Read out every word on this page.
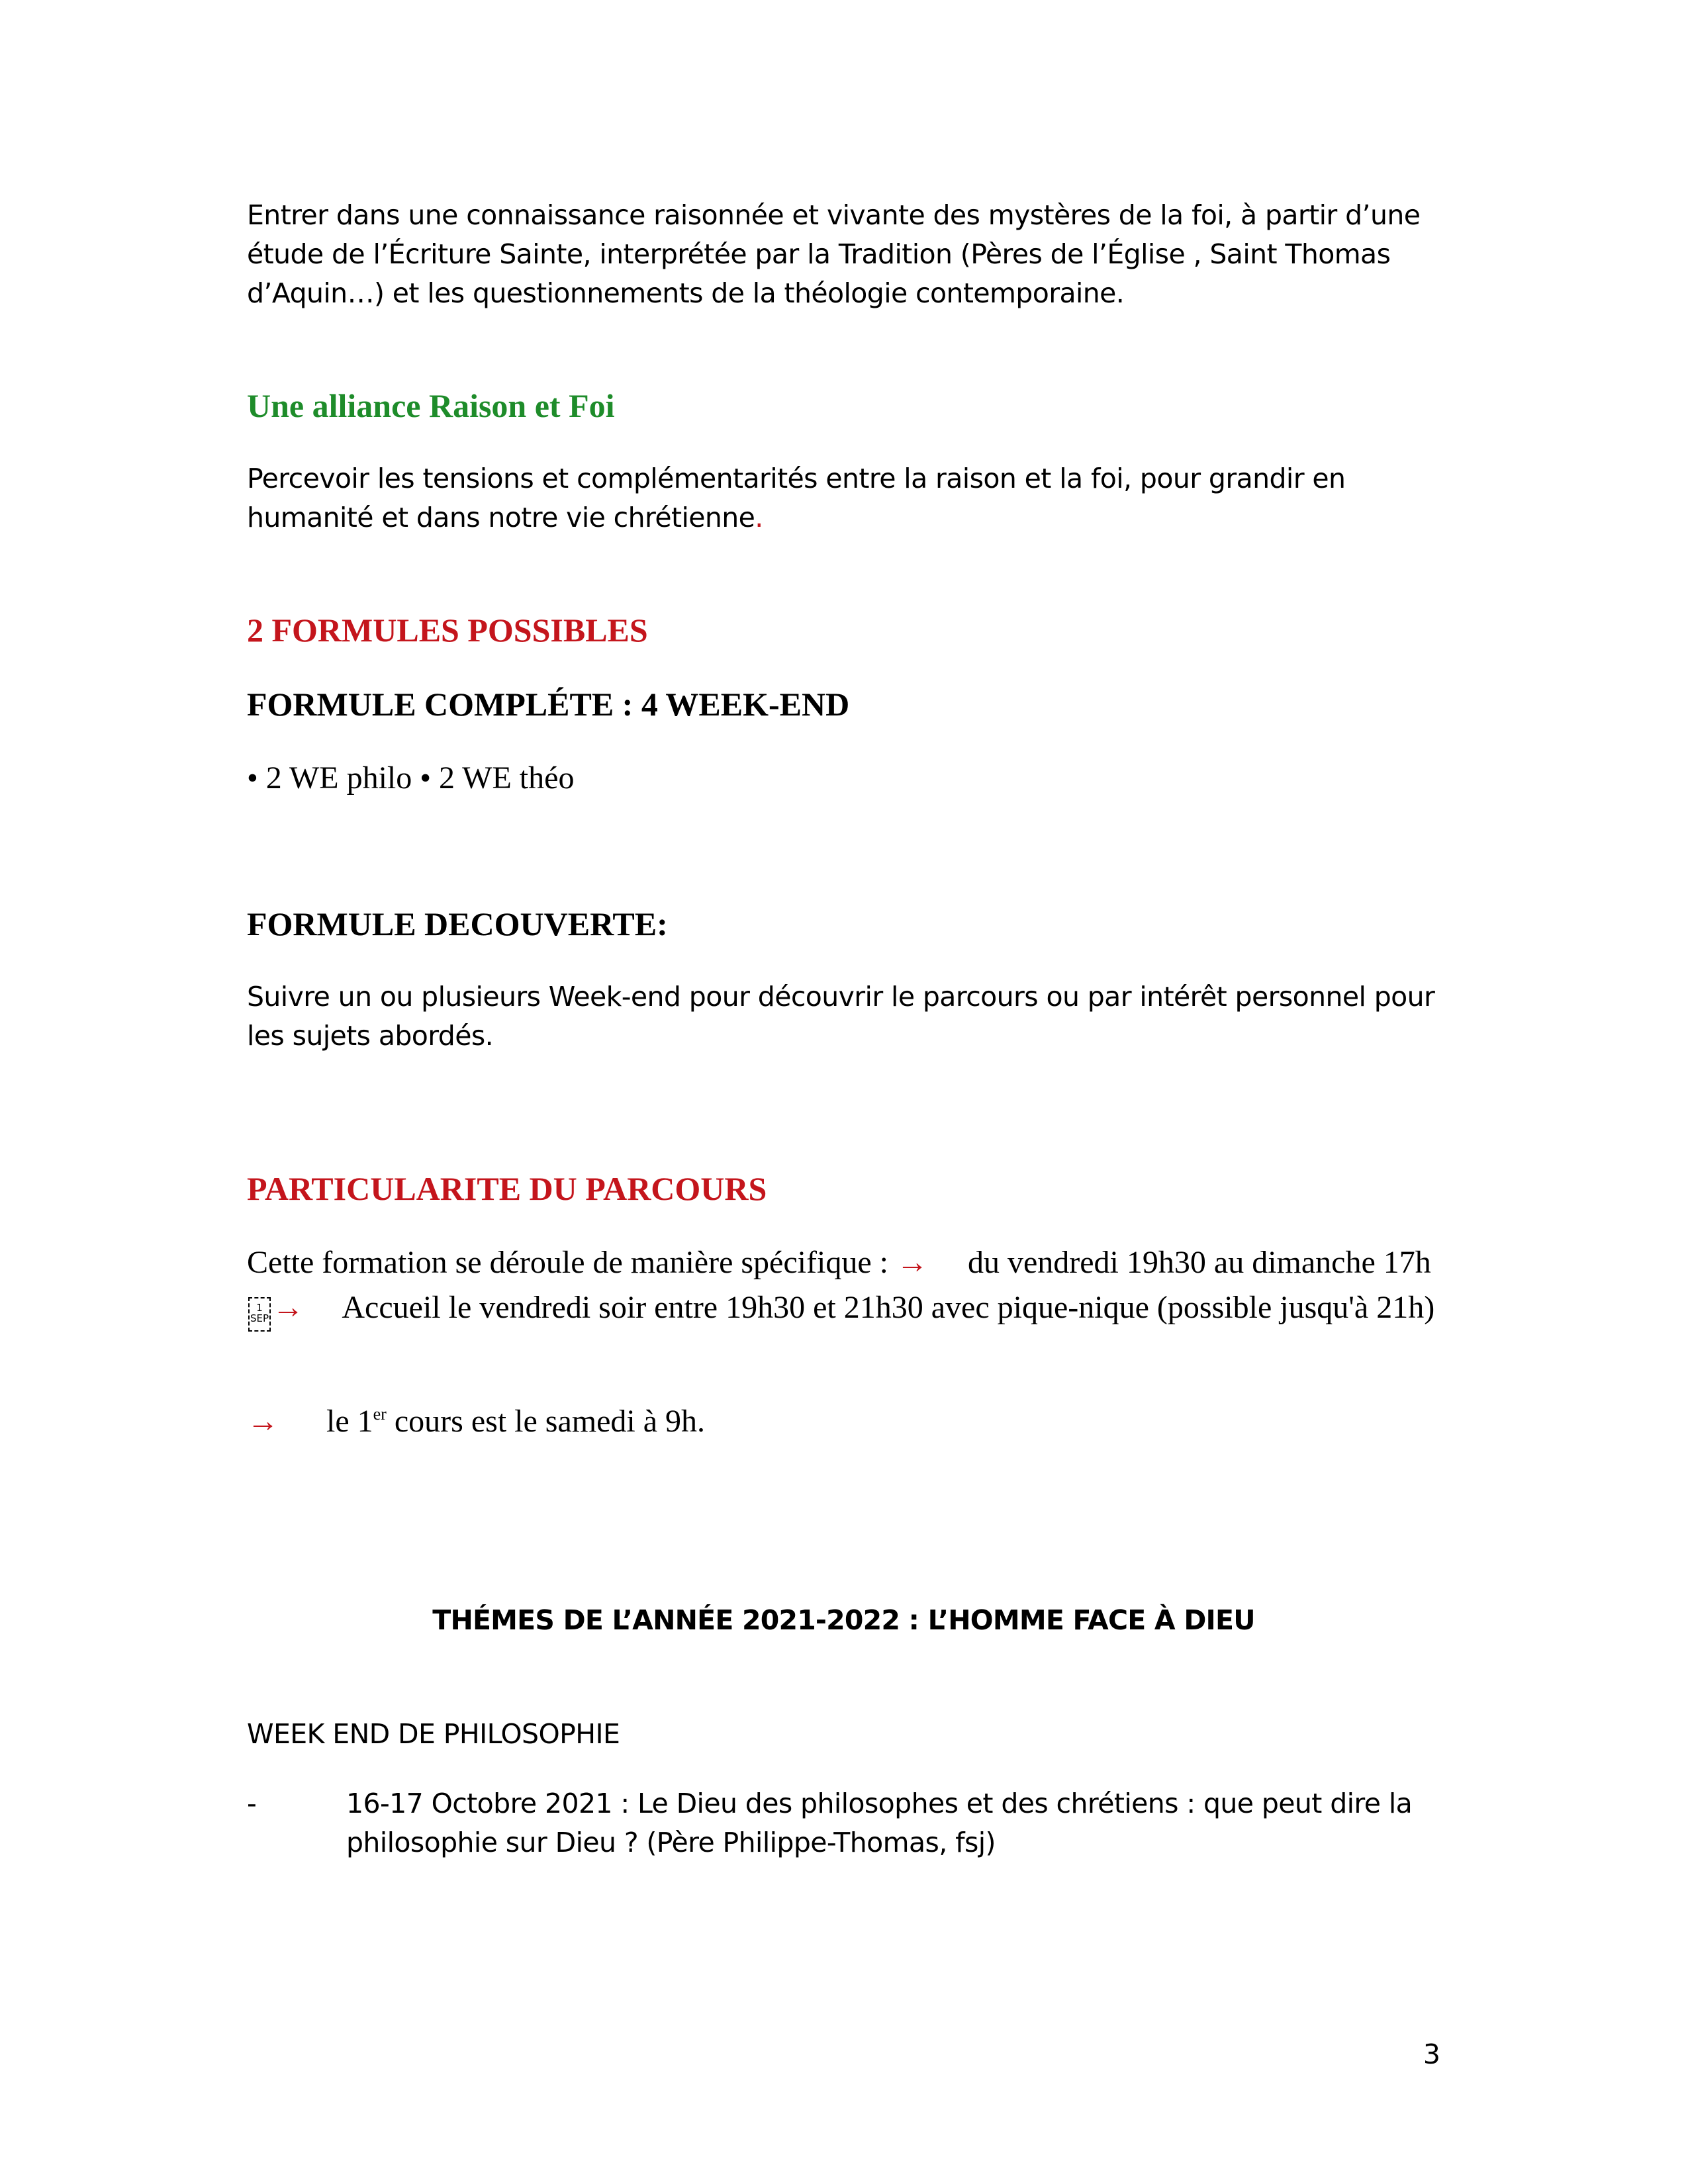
Entrer dans une connaissance raisonnée et vivante des mystères de la foi, à partir d’une étude de l’Écriture Sainte, interprétée par la Tradition (Pères de l’Église , Saint Thomas d’Aquin…) et les questionnements de la théologie contemporaine.

Une alliance Raison et Foi

Percevoir les tensions et complémentarités entre la raison et la foi, pour grandir en humanité et dans notre vie chrétienne.

2 FORMULES POSSIBLES

FORMULE COMPLÉTE : 4 WEEK-END

• 2 WE philo • 2 WE théo

FORMULE DECOUVERTE:

Suivre un ou plusieurs Week-end pour découvrir le parcours ou par intérêt personnel pour les sujets abordés.

PARTICULARITE DU PARCOURS

Cette formation se déroule de manière spécifique : → du vendredi 19h30 au dimanche 17h1
SEP → Accueil le vendredi soir entre 19h30 et 21h30 avec pique-nique (possible jusqu'à 21h)

→ le 1er cours est le samedi à 9h.

THÉMES DE L’ANNÉE 2021-2022 : L’HOMME FACE À DIEU

WEEK END DE PHILOSOPHIE

-	16-17 Octobre 2021 : Le Dieu des philosophes et des chrétiens : que peut dire la philosophie sur Dieu ? (Père Philippe-Thomas, fsj)

3
